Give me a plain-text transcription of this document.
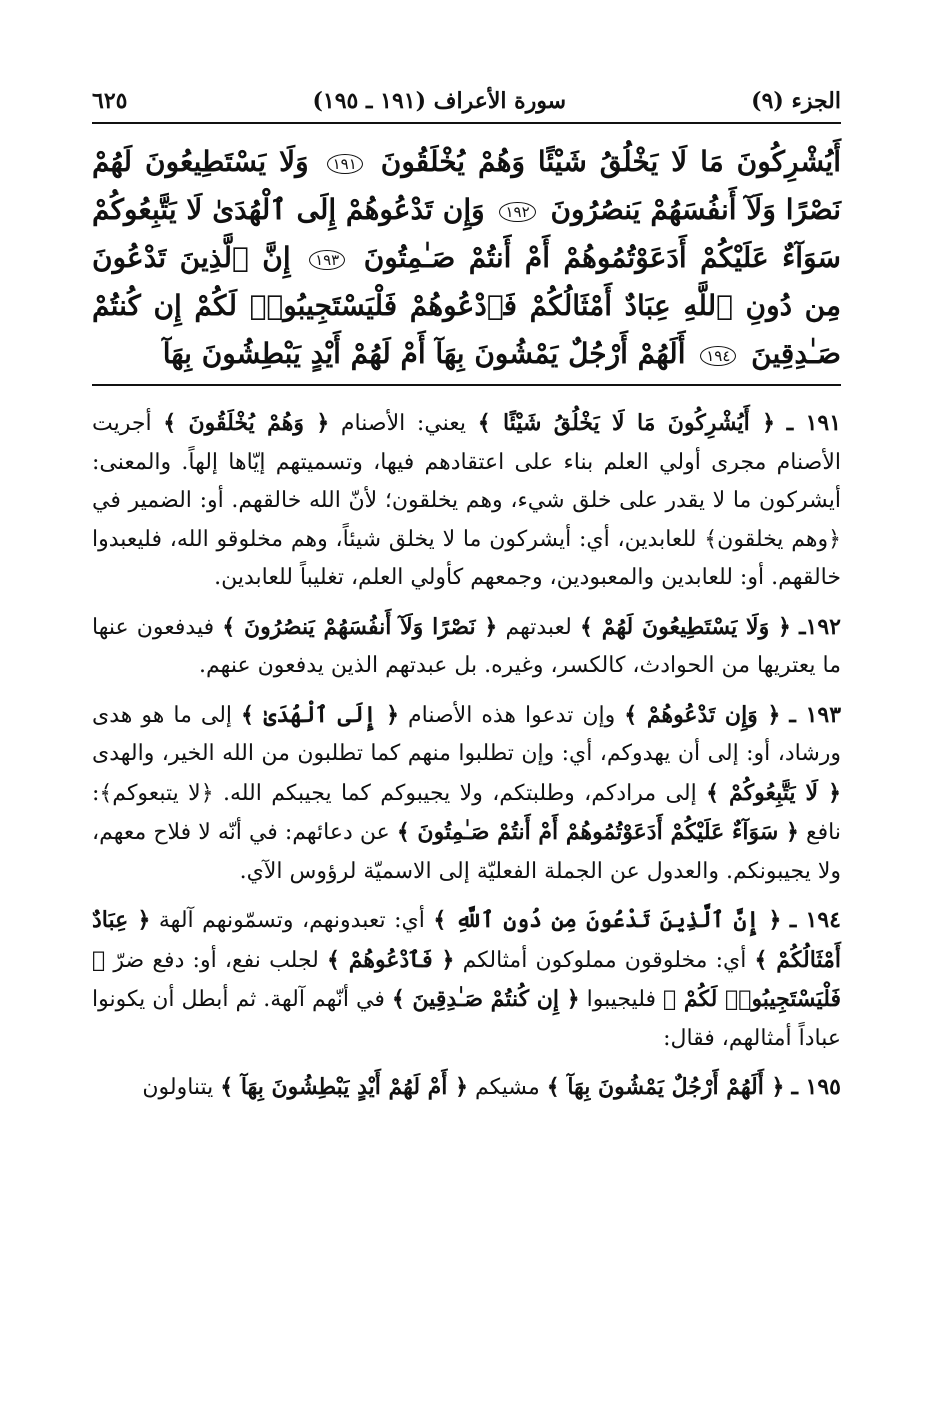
الجزء (٩)
سورة الأعراف (١٩١ ـ ١٩٥)
٦٢٥
أَيُشْرِكُونَ مَا لَا يَخْلُقُ شَيْئًا وَهُمْ يُخْلَقُونَ ١٩١ وَلَا يَسْتَطِيعُونَ لَهُمْ نَصْرًا وَلَآ أَنفُسَهُمْ يَنصُرُونَ ١٩٢ وَإِن تَدْعُوهُمْ إِلَى ٱلْهُدَىٰ لَا يَتَّبِعُوكُمْ سَوَآءٌ عَلَيْكُمْ أَدَعَوْتُمُوهُمْ أَمْ أَنتُمْ صَـٰمِتُونَ ١٩٣ إِنَّ ٱلَّذِينَ تَدْعُونَ مِن دُونِ ٱللَّهِ عِبَادٌ أَمْثَالُكُمْ فَٱدْعُوهُمْ فَلْيَسْتَجِيبُوا۟ لَكُمْ إِن كُنتُمْ صَـٰدِقِينَ ١٩٤ أَلَهُمْ أَرْجُلٌ يَمْشُونَ بِهَآ أَمْ لَهُمْ أَيْدٍ يَبْطِشُونَ بِهَآ

١٩١ ـ ﴿ أَيُشْرِكُونَ مَا لَا يَخْلُقُ شَيْئًا ﴾ يعني: الأصنام ﴿ وَهُمْ يُخْلَقُونَ ﴾ أجريت الأصنام مجرى أولي العلم بناء على اعتقادهم فيها، وتسميتهم إيّاها إلهاً. والمعنى: أيشركون ما لا يقدر على خلق شيء، وهم يخلقون؛ لأنّ الله خالقهم. أو: الضمير في ﴿وهم يخلقون﴾ للعابدين، أي: أيشركون ما لا يخلق شيئاً، وهم مخلوقو الله، فليعبدوا خالقهم. أو: للعابدين والمعبودين، وجمعهم كأولي العلم، تغليباً للعابدين.

١٩٢ـ ﴿ وَلَا يَسْتَطِيعُونَ لَهُمْ ﴾ لعبدتهم ﴿ نَصْرًا وَلَآ أَنفُسَهُمْ يَنصُرُونَ ﴾ فيدفعون عنها ما يعتريها من الحوادث، كالكسر، وغيره. بل عبدتهم الذين يدفعون عنهم.

١٩٣ ـ ﴿ وَإِن تَدْعُوهُمْ ﴾ وإن تدعوا هذه الأصنام ﴿ إِلَى ٱلْهُدَىٰ ﴾ إلى ما هو هدى ورشاد، أو: إلى أن يهدوكم، أي: وإن تطلبوا منهم كما تطلبون من الله الخير، والهدى ﴿ لَا يَتَّبِعُوكُمْ ﴾ إلى مرادكم، وطلبتكم، ولا يجيبوكم كما يجيبكم الله. ﴿لا يتبعوكم﴾: نافع ﴿ سَوَآءٌ عَلَيْكُمْ أَدَعَوْتُمُوهُمْ أَمْ أَنتُمْ صَـٰمِتُونَ ﴾ عن دعائهم: في أنّه لا فلاح معهم، ولا يجيبونكم. والعدول عن الجملة الفعليّة إلى الاسميّة لرؤوس الآي.

١٩٤ ـ ﴿ إِنَّ ٱلَّذِينَ تَدْعُونَ مِن دُونِ ٱللَّهِ ﴾ أي: تعبدونهم، وتسمّونهم آلهة ﴿ عِبَادٌ أَمْثَالُكُمْ ﴾ أي: مخلوقون مملوكون أمثالكم ﴿ فَٱدْعُوهُمْ ﴾ لجلب نفع، أو: دفع ضرّ ﴿ فَلْيَسْتَجِيبُوا۟ لَكُمْ ﴾ فليجيبوا ﴿ إِن كُنتُمْ صَـٰدِقِينَ ﴾ في أنّهم آلهة. ثم أبطل أن يكونوا عباداً أمثالهم، فقال:

١٩٥ ـ ﴿ أَلَهُمْ أَرْجُلٌ يَمْشُونَ بِهَآ ﴾ مشيكم ﴿ أَمْ لَهُمْ أَيْدٍ يَبْطِشُونَ بِهَآ ﴾ يتناولون
